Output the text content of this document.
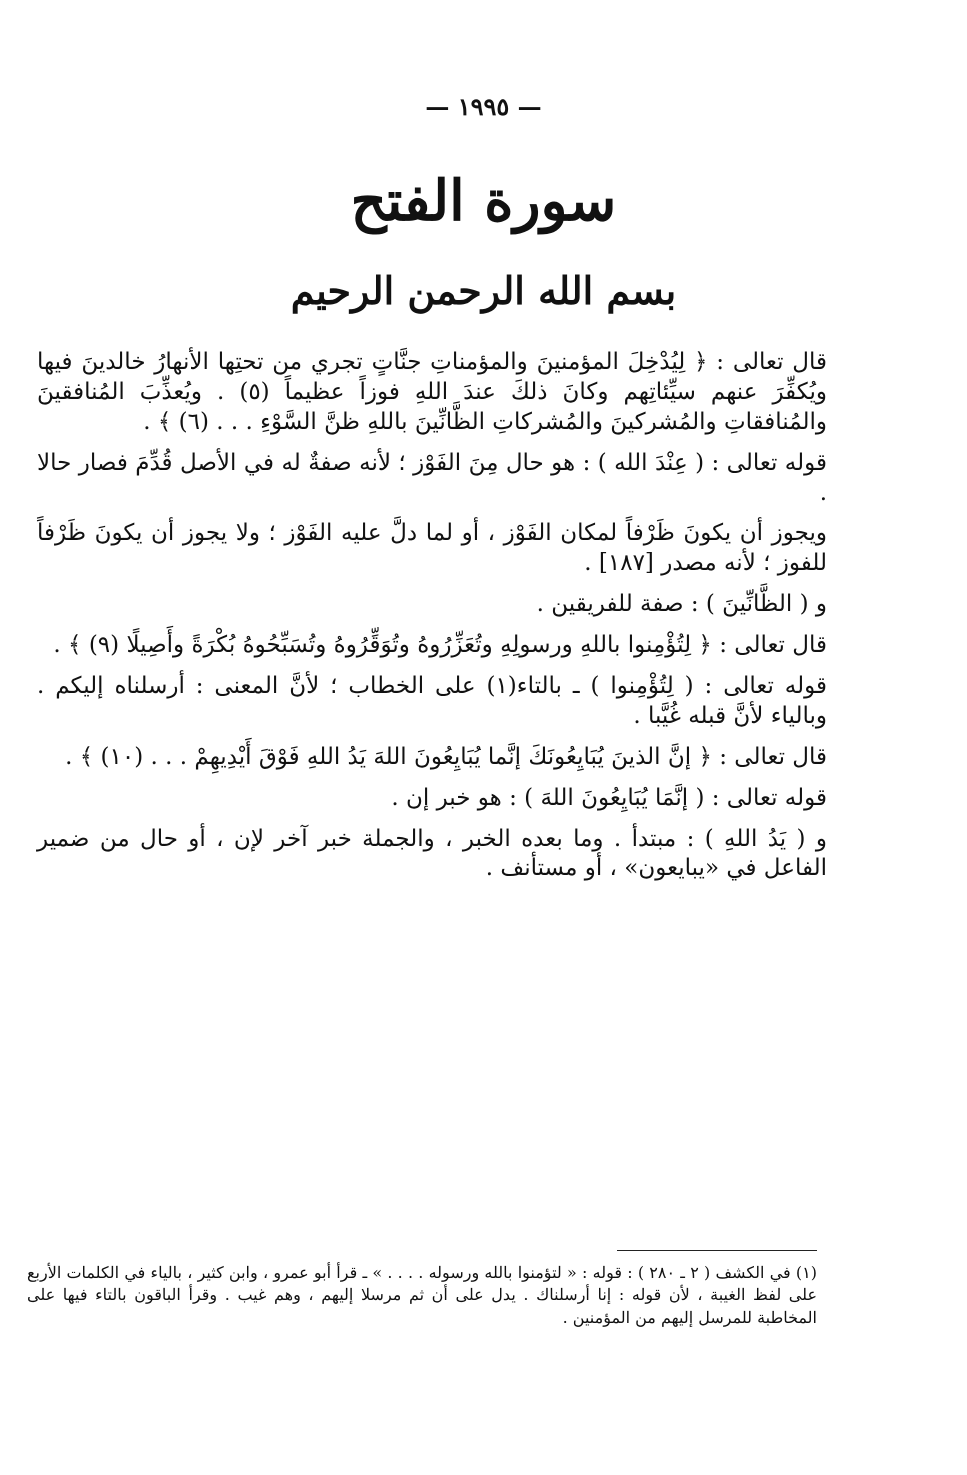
— ١٩٩٥ —
سورة الفتح
بسم الله الرحمن الرحيم

قال تعالى : ﴿ لِيُدْخِلَ المؤمنينَ والمؤمناتِ جنَّاتٍ تجري من تحتِها الأنهارُ خالدينَ فيها ويُكفِّرَ عنهم سيِّئاتِهم وكانَ ذلكَ عندَ اللهِ فوزاً عظيماً (٥) . ويُعذِّبَ المُنافقينَ والمُنافقاتِ والمُشركينَ والمُشركاتِ الظَّانِّينَ باللهِ ظنَّ السَّوْءِ . . . (٦) ﴾ .

قوله تعالى : ( عِنْدَ الله ) : هو حال مِنَ الفَوْز ؛ لأنه صفةٌ له في الأصل قُدِّمَ فصار حالا .

ويجوز أن يكونَ ظَرْفاً لمكان الفَوْز ، أو لما دلَّ عليه الفَوْز ؛ ولا يجوز أن يكونَ ظَرْفاً للفوز ؛ لأنه مصدر [١٨٧] .

و ( الظَّانِّينَ ) : صفة للفريقين .

قال تعالى : ﴿ لِتُؤْمِنوا باللهِ ورسولِهِ وتُعَزِّرُوهُ وتُوَقِّرُوهُ وتُسَبِّحُوهُ بُكْرَةً وأَصِيلًا (٩) ﴾ .

قوله تعالى : ( لِتُؤْمِنوا ) ـ بالتاء(١) على الخطاب ؛ لأنَّ المعنى : أرسلناه إليكم . وبالياء لأنَّ قبله غُيَّبا .

قال تعالى : ﴿ إنَّ الذينَ يُبَايِعُونَكَ إنَّما يُبَايِعُونَ اللهَ يَدُ اللهِ فَوْقَ أَيْدِيهِمْ . . . (١٠) ﴾ .

قوله تعالى : ( إنَّمَا يُبَايِعُونَ اللهَ ) : هو خبر إن .

و ( يَدُ اللهِ ) : مبتدأ . وما بعده الخبر ، والجملة خبر آخر لإن ، أو حال من ضمير الفاعل في «يبايعون» ، أو مستأنف .

(١) في الكشف ( ٢ ـ ٢٨٠ ) : قوله : « لتؤمنوا بالله ورسوله . . . . » ـ قرأ أبو عمرو ، وابن كثير ، بالياء في الكلمات الأربع على لفظ الغيبة ، لأن قوله : إنا أرسلناك . يدل على أن ثم مرسلا إليهم ، وهم غيب . وقرأ الباقون بالتاء فيها على المخاطبة للمرسل إليهم من المؤمنين .
